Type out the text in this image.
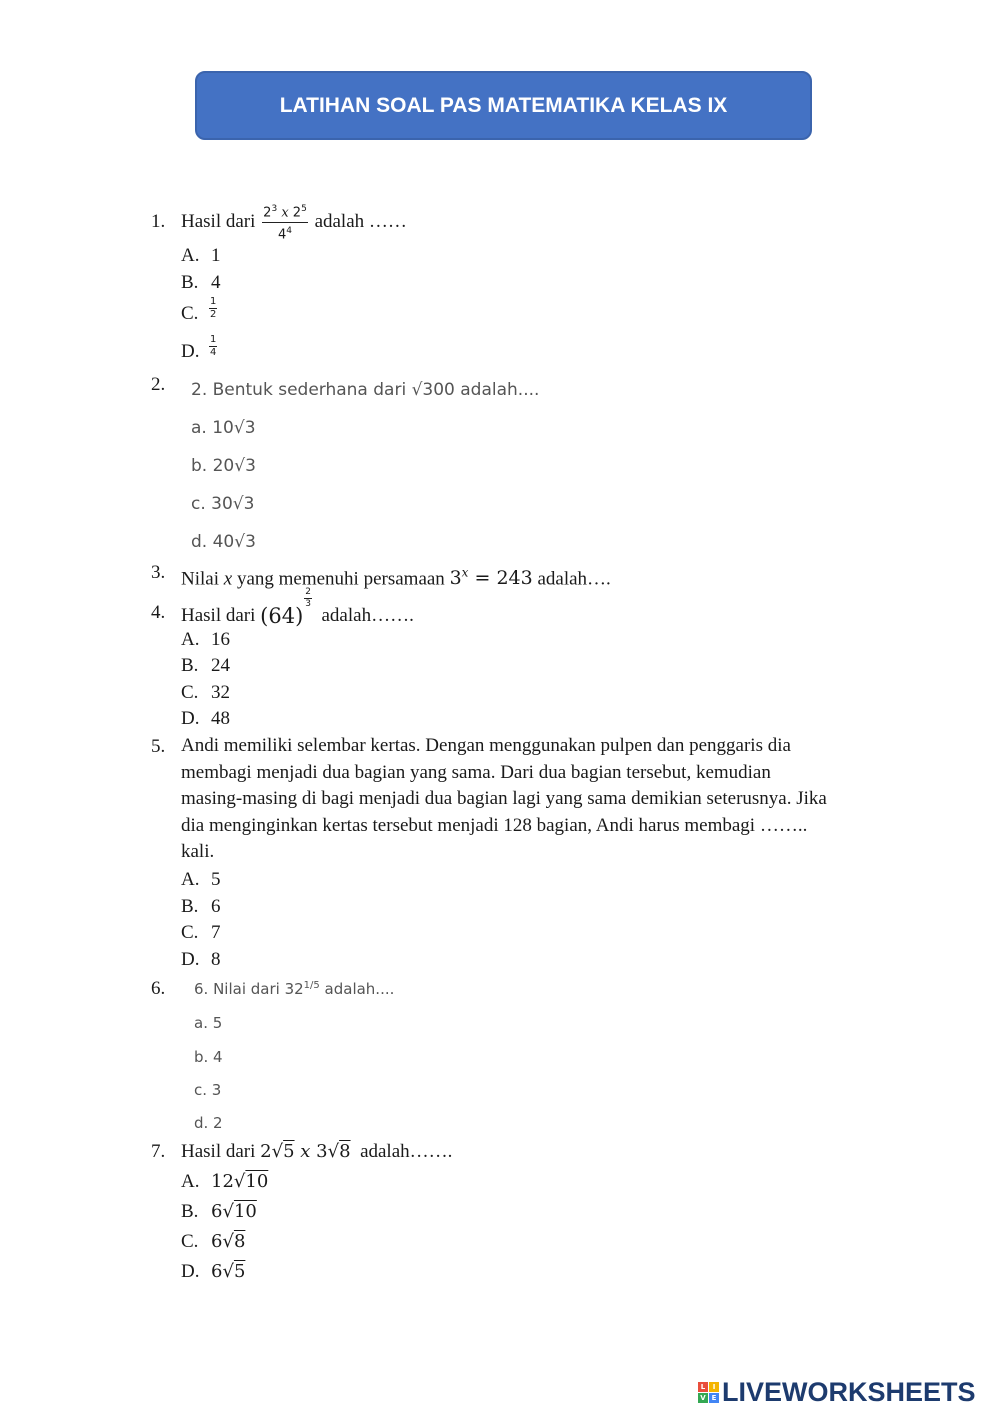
LATIHAN SOAL PAS MATEMATIKA KELAS IX
1. Hasil dari
$\frac{2^3 x 2^5}{4^4}$
adalah ……
A. 1
B. 4
C. $\frac{1}{2}$
D. $\frac{1}{4}$
2. 2. Bentuk sederhana dari √300 adalah....
a. 10√3
b. 20√3
c. 30√3
d. 40√3
3. Nilai x yang memenuhi persamaan $3^x = 243$ adalah….
4. Hasil dari
(64)
$\frac{2}{3}$

adalah…….
A. 16
B. 24
C. 32
D. 48
5. Andi memiliki selembar kertas. Dengan menggunakan pulpen dan penggaris dia
membagi menjadi dua bagian yang sama. Dari dua bagian tersebut, kemudian
masing-masing di bagi menjadi dua bagian lagi yang sama demikian seterusnya. Jika
dia menginginkan kertas tersebut menjadi 128 bagian, Andi harus membagi ……..
kali.
A. 5
B. 6
C. 7
D. 8
6. 6. Nilai dari $32^{1/5}$ adalah....
a. 5
b. 4
c. 3
d. 2
7. Hasil dari 2√5 x 3√8 adalah…….
A. 12√10
B. 6√10
C. 6√8
D. 6√5
L	I
V E LIVEWORKSHEETS
